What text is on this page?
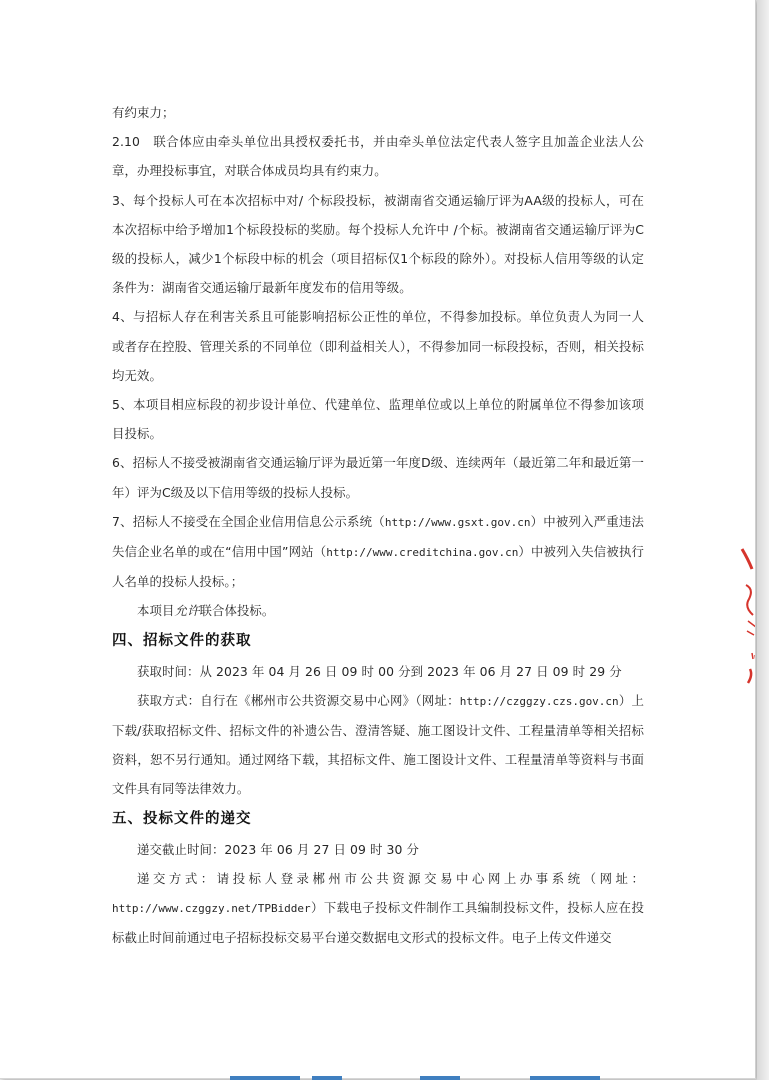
有约束力；

2.10　联合体应由牵头单位出具授权委托书，并由牵头单位法定代表人签字且加盖企业法人公章，办理投标事宜，对联合体成员均具有约束力。

3、每个投标人可在本次招标中对/ 个标段投标，被湖南省交通运输厅评为AA级的投标人，可在本次招标中给予增加1个标段投标的奖励。每个投标人允许中 /个标。被湖南省交通运输厅评为C级的投标人，减少1个标段中标的机会（项目招标仅1个标段的除外）。对投标人信用等级的认定条件为：湖南省交通运输厅最新年度发布的信用等级。

4、与招标人存在利害关系且可能影响招标公正性的单位，不得参加投标。单位负责人为同一人或者存在控股、管理关系的不同单位（即利益相关人），不得参加同一标段投标，否则，相关投标均无效。

5、本项目相应标段的初步设计单位、代建单位、监理单位或以上单位的附属单位不得参加该项目投标。

6、招标人不接受被湖南省交通运输厅评为最近第一年度D级、连续两年（最近第二年和最近第一年）评为C级及以下信用等级的投标人投标。

7、招标人不接受在全国企业信用信息公示系统（http://www.gsxt.gov.cn）中被列入严重违法失信企业名单的或在“信用中国”网站（http://www.creditchina.gov.cn）中被列入失信被执行人名单的投标人投标。；

本项目允许联合体投标。

四、招标文件的获取

获取时间：从 2023 年 04 月 26 日 09 时 00 分到 2023 年 06 月 27 日 09 时 29 分

获取方式：自行在《郴州市公共资源交易中心网》（网址：http://czggzy.czs.gov.cn）上下载/获取招标文件、招标文件的补遗公告、澄清答疑、施工图设计文件、工程量清单等相关招标资料，恕不另行通知。通过网络下载，其招标文件、施工图设计文件、工程量清单等资料与书面文件具有同等法律效力。

五、投标文件的递交

递交截止时间：2023 年 06 月 27 日 09 时 30 分

递交方式：请投标人登录郴州市公共资源交易中心网上办事系统（网址：http://www.czggzy.net/TPBidder）下载电子投标文件制作工具编制投标文件，投标人应在投标截止时间前通过电子招标投标交易平台递交数据电文形式的投标文件。电子上传文件递交
